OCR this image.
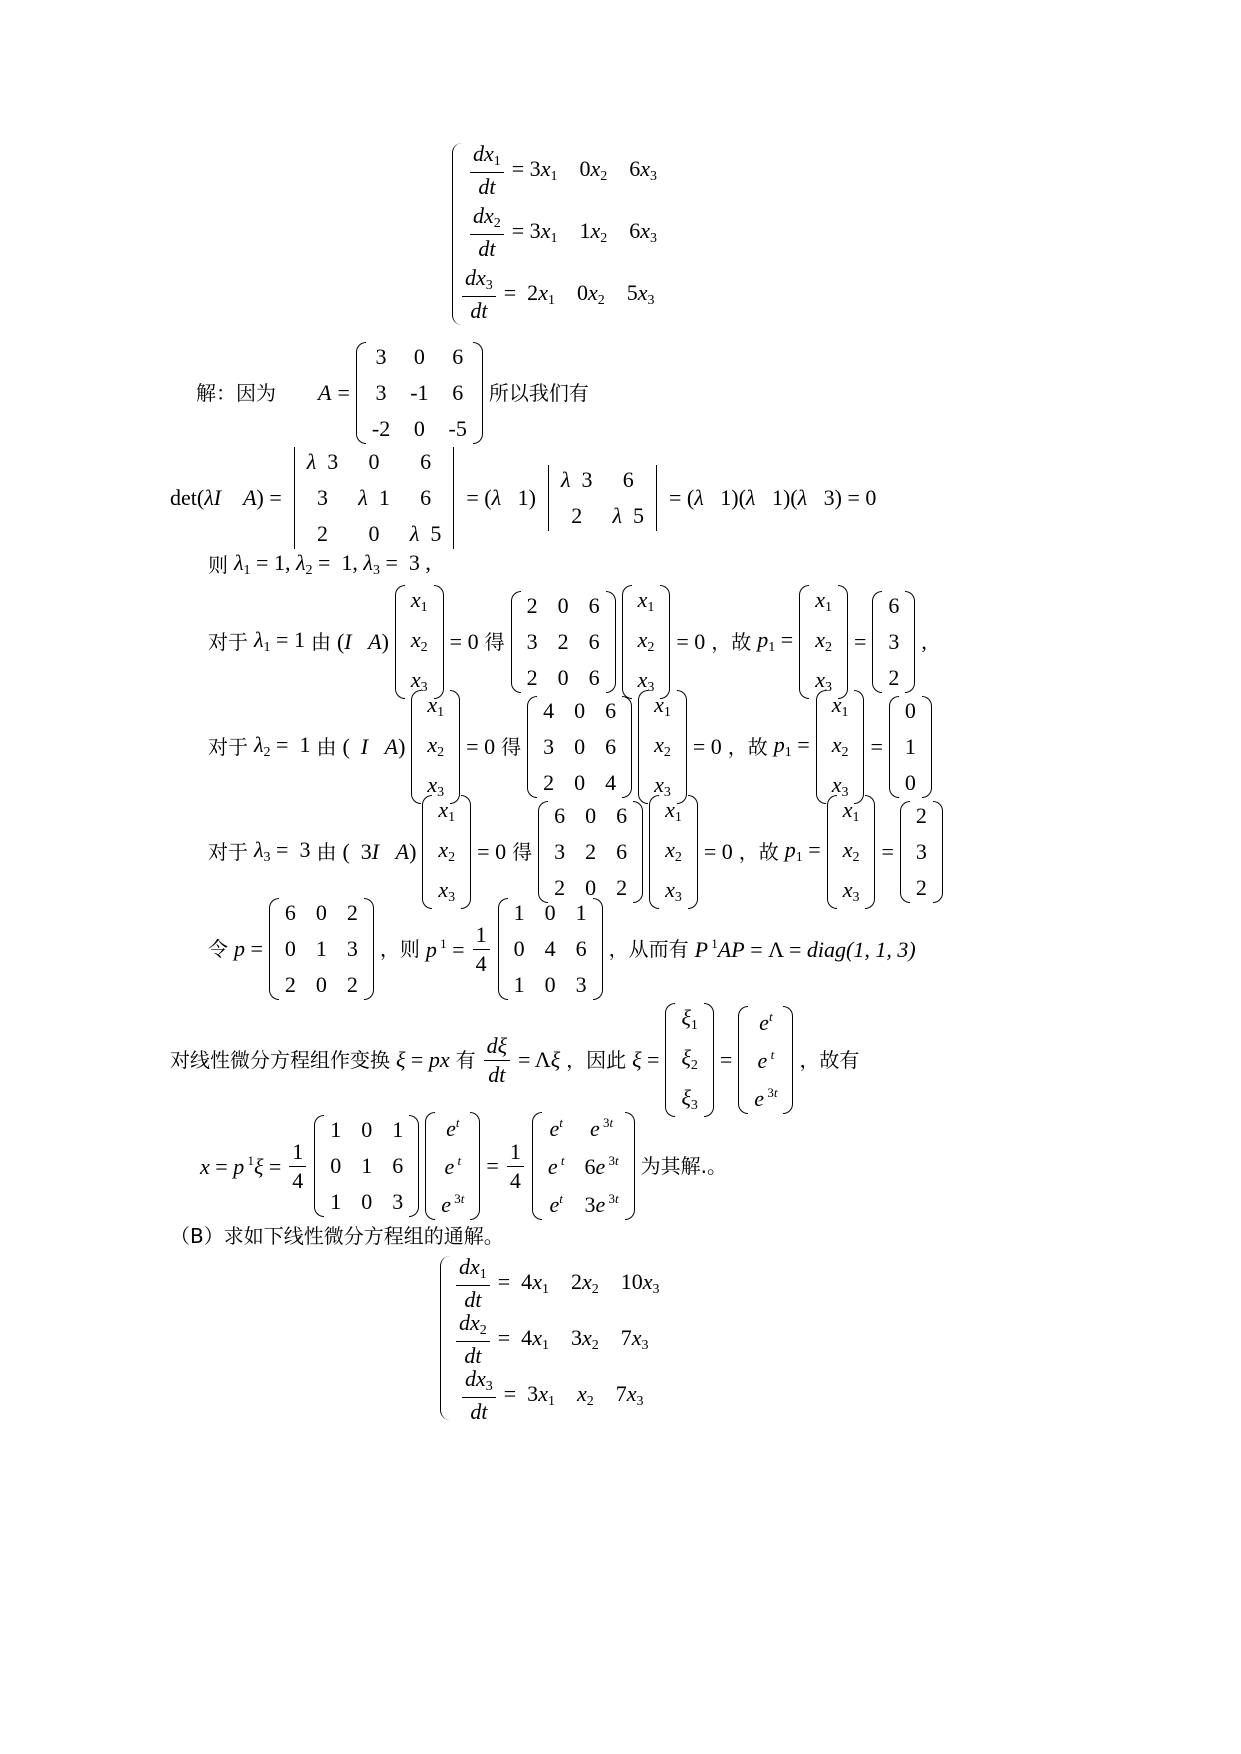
$\frac{dx_1}{dt} = 3x_1$    $0x_2$    $6x_3$
$\frac{dx_2}{dt} = 3x_1$    $1x_2$    $6x_3$
$\frac{dx_3}{dt} = 2x_1$    $0x_2$    $5x_3$
解：因为 A =
3 0 6
3 -1 6
-2 0 -5
所以我们有
det(λI A) =
λ  3 0 6
3 λ  1 6
2 0 λ  5
= (λ   1)
λ  3 6
2 λ  5
= (λ   1)(λ   1)(λ   3) = 0
则 $\lambda_1 = 1$, $\lambda_2 = 1$, $\lambda_3 = 3$ ,
对于 $\lambda_1 = 1$ 由 (I A)
$x_1$
$x_2$
$x_3$
= 0 得
2 0 6
3 2 6
2 0 6
$x_1$
$x_2$
$x_3$
= 0 ，故 $p_1$ =
$x_1$
$x_2$
$x_3$
=
6
3
2
,
对于 $\lambda_2 = 1$ 由 (  I A)
$x_1$
$x_2$
$x_3$
= 0 得
4 0 6
3 0 6
2 0 4
$x_1$
$x_2$
$x_3$
= 0 ，故 $p_1$ =
$x_1$
$x_2$
$x_3$
=
0
1
0
对于 $\lambda_3 = 3$ 由 (  3I A)
$x_1$
$x_2$
$x_3$
= 0 得
6 0 6
3 2 6
2 0 2
$x_1$
$x_2$
$x_3$
= 0 ，故 $p_1$ =
$x_1$
$x_2$
$x_3$
=
2
3
2
令 p =
6 0 2
0 1 3
2 0 2
，则 p $^1 = \frac{1}{4}$
1 0 1
0 4 6
1 0 3
，从而有 P $^1$AP = Λ = diag(1, 1, 3)
对线性微分方程组作变换 ξ = px 有 $\frac{d\xi}{dt} = \Lambda\xi$ ，因此 ξ =
$\xi_1$
$\xi_2$
$\xi_3$
=
$e^t$
e $^t$
e $^{3t}$
，故有
x = p $^1\xi = \frac{1}{4}$
1 0 1
0 1 6
1 0 3
$e^t$
e $^t$
e $^{3t}$
= $\frac{1}{4}$
$e^t$ e $^{3t}$
e $^t$ 6e $^{3t}$
$e^t$ 3e $^{3t}$
为其解.。
（B）求如下线性微分方程组的通解。
$\frac{dx_1}{dt} = 4x_1$    $2x_2$    $10x_3$
$\frac{dx_2}{dt} = 4x_1$    $3x_2$    $7x_3$
$\frac{dx_3}{dt} = 3x_1$ $x_2$    $7x_3$
